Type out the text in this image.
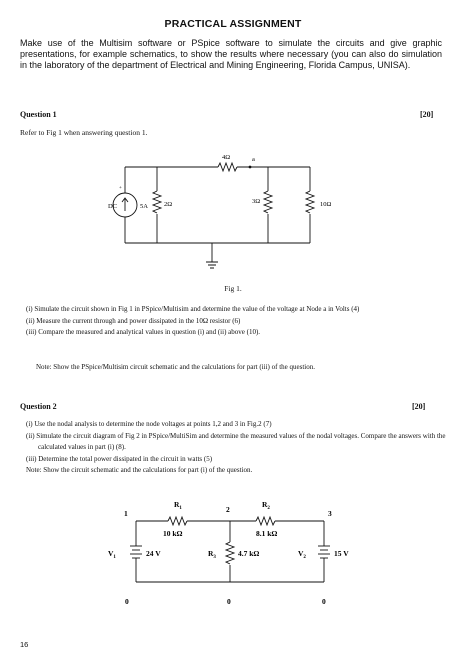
PRACTICAL ASSIGNMENT
Make use of the Multisim software or PSpice software to simulate the circuits and give graphic presentations, for example schematics, to show the results where necessary (you can also do simulation in the laboratory of the department of Electrical and Mining Engineering, Florida Campus, UNISA).
Question 1	[20]
Refer to Fig 1 when answering question 1.
+
DC	5A 2Ω
4Ω	a
3Ω	10Ω
Fig 1.
(i) Simulate the circuit shown in Fig 1 in PSpice/Multisim and determine the value of the voltage at Node a in Volts (4)
(ii) Measure the current through and power dissipated in the 10Ω resistor (6)
(iii) Compare the measured and analytical values in question (i) and (ii) above (10).
Note: Show the PSpice/Multisim circuit schematic and the calculations for part (iii) of the question.
Question 2	[20]
(i) Use the nodal analysis to determine the node voltages at points 1,2 and 3 in Fig.2 (7)
(ii) Simulate the circuit diagram of Fig 2 in PSpice/MultiSim and determine the measured values of the nodal voltages. Compare the answers with the calculated values in part (i) (8).
(iii) Determine the total power dissipated in the circuit in watts (5)
Note: Show the circuit schematic and the calculations for part (i) of the question.
1	2	3
$R_1$
10 kΩ
$R_2$
8.1 kΩ
$R_3$	4.7 kΩ
$V_1$	24 V	$V_2$	15 V
0	0	0
16
